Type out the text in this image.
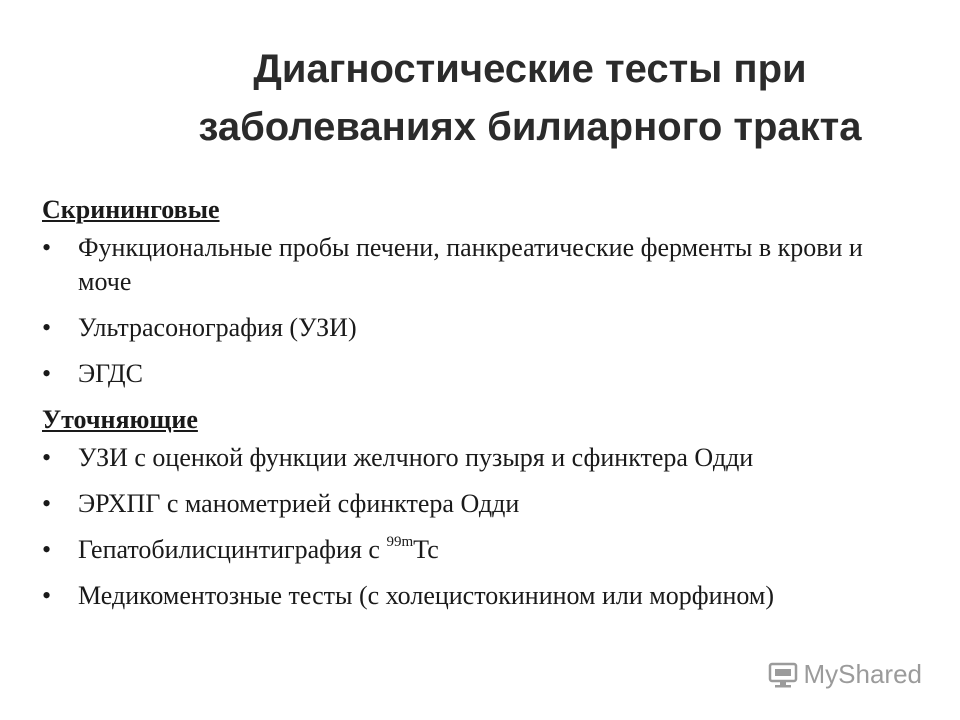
Диагностические тесты при
заболеваниях билиарного тракта
Скрининговые
•	Функциональные пробы печени, панкреатические ферменты в крови и моче
•	Ультрасонография (УЗИ)
•	ЭГДС
Уточняющие
•	УЗИ с оценкой функции желчного пузыря и сфинктера Одди
•	ЭРХПГ с манометрией сфинктера Одди
•	Гепатобилисцинтиграфия с $^{99m}$Tc
•	Медикоментозные тесты (с холецистокинином или морфином)
MyShared
